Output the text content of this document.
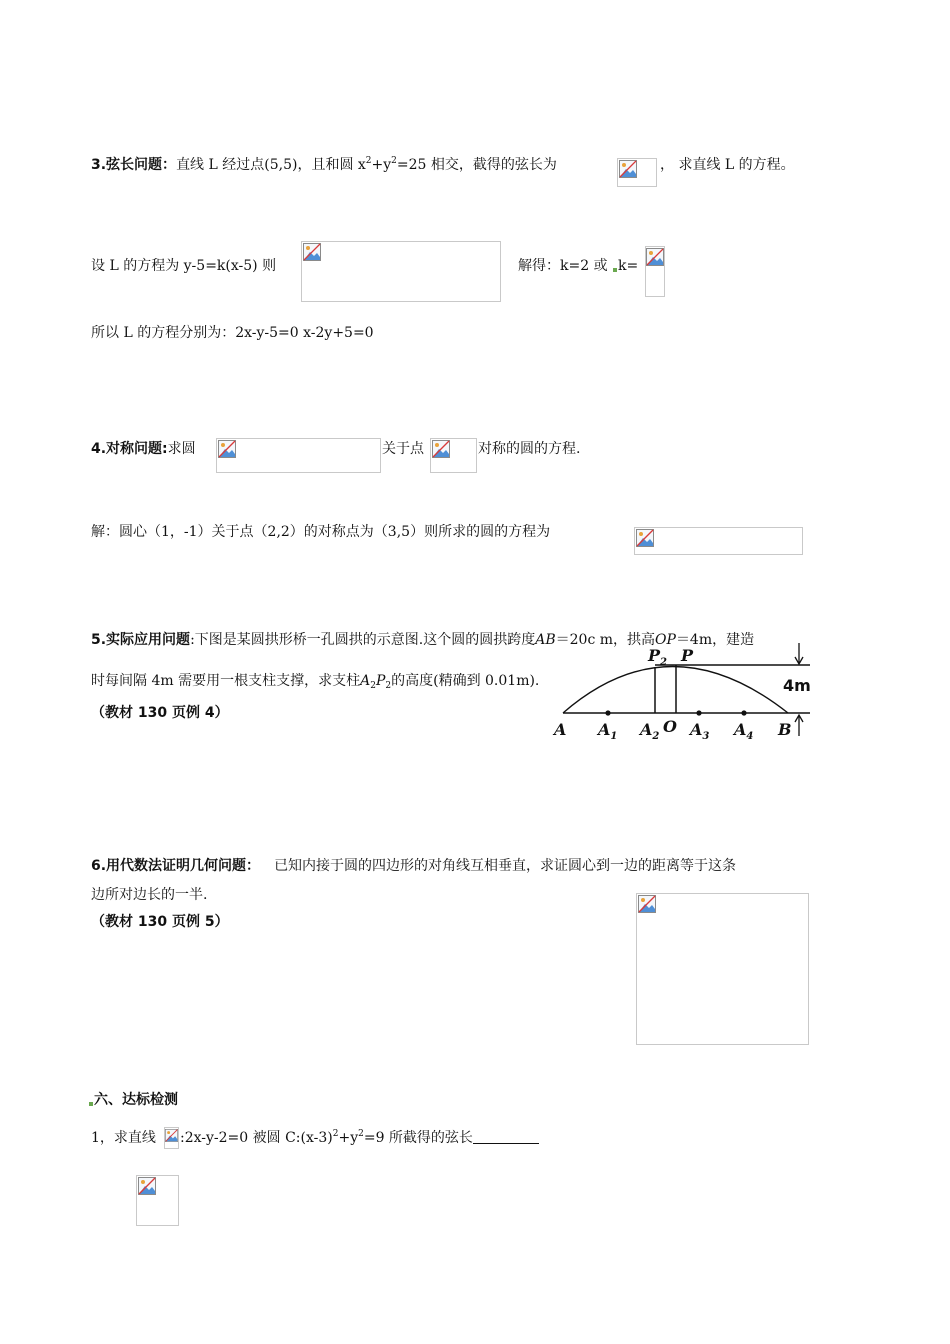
3.弦长问题：直线 L 经过点(5,5)，且和圆 $x^2+y^2=25$ 相交，截得的弦长为	， 求直线 L 的方程。
设 L 的方程为 y-5=k(x-5) 则	解得：k=2 或 k=
所以 L 的方程分别为：2x-y-5=0 x-2y+5=0
4.对称问题:求圆	关于点	对称的圆的方程.
解：圆心（1，-1）关于点（2,2）的对称点为（3,5）则所求的圆的方程为
5.实际应用问题:下图是某圆拱形桥一孔圆拱的示意图.这个圆的圆拱跨度AB＝20c m，拱高OP＝4m，建造
时每间隔 4m 需要用一根支柱支撑，求支柱$A_2P_2$的高度(精确到 0.01m).
（教材 130 页例 4）
A $A_1$ $A_2$
O $A_3$ $A_4$ B
$P_2$ P
4m
6.用代数法证明几何问题： 已知内接于圆的四边形的对角线互相垂直，求证圆心到一边的距离等于这条
边所对边长的一半.
（教材 130 页例 5）
六、达标检测
1，求直线 :2x-y-2=0 被圆 $C:(x-3)^2+y^2=9$ 所截得的弦长
